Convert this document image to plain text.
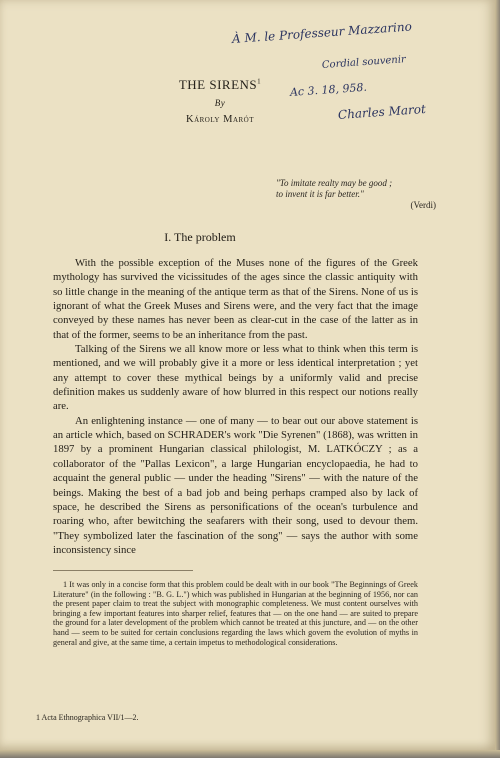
À M. le Professeur Mazzarino
Cordial souvenir
Ac 3. 18, 958.
Charles Marot
THE SIRENS$^1$
By
Károly Marót
"To imitate realty may be good ;
to invent it is far better."
(Verdi)
I. The problem

With the possible exception of the Muses none of the figures of the Greek mythology has survived the vicissitudes of the ages since the classic antiquity with so little change in the meaning of the antique term as that of the Sirens. None of us is ignorant of what the Greek Muses and Sirens were, and the very fact that the image conveyed by these names has never been as clear-cut in the case of the latter as in that of the former, seems to be an inheritance from the past.

Talking of the Sirens we all know more or less what to think when this term is mentioned, and we will probably give it a more or less identical interpretation ; yet any attempt to cover these mythical beings by a uniformly valid and precise definition makes us suddenly aware of how blurred in this respect our notions really are.

An enlightening instance — one of many — to bear out our above statement is an article which, based on SCHRADER's work "Die Syrenen" (1868), was written in 1897 by a prominent Hungarian classical philologist, M. LATKÓCZY ; as a collaborator of the "Pallas Lexicon", a large Hungarian encyclopaedia, he had to acquaint the general public — under the heading "Sirens" — with the nature of the beings. Making the best of a bad job and being perhaps cramped also by lack of space, he described the Sirens as personifications of the ocean's turbulence and roaring who, after bewitching the seafarers with their song, used to devour them. "They symbolized later the fascination of the song" — says the author with some inconsistency since

1 It was only in a concise form that this problem could be dealt with in our book "The Beginnings of Greek Literature" (in the following : "B. G. L.") which was published in Hungarian at the beginning of 1956, nor can the present paper claim to treat the subject with monographic completeness. We must content ourselves with bringing a few important features into sharper relief, features that — on the one hand — are suited to prepare the ground for a later development of the problem which cannot be treated at this juncture, and — on the other hand — seem to be suited for certain conclusions regarding the laws which govern the evolution of myths in general and give, at the same time, a certain impetus to methodological considerations.

1 Acta Ethnographica VII/1—2.
